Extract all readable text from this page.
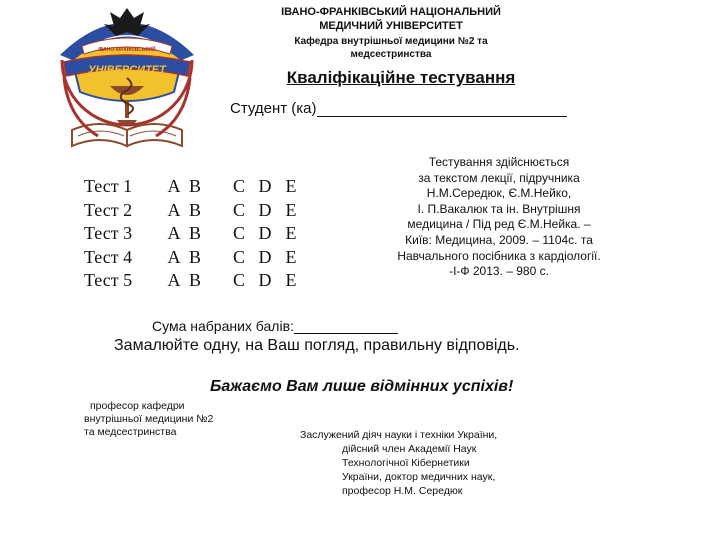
ІВАНО-ФРАНКІВСЬКИЙ
УНІВЕРСИТЕТ
ІВАНО-ФРАНКІВСЬКИЙ НАЦІОНАЛЬНИЙ
МЕДИЧНИЙ УНІВЕРСИТЕТ
Кафедра внутрішньої медицини №2 та
медсестринства
Кваліфікаційне тестування
Студент (ка)
Тест 1 A B C D E
Тест 2 A B C D E
Тест 3 A B C D E
Тест 4 A B C D E
Тест 5 A B C D E
Тестування здійснюється
за текстом лекції, підручника
Н.М.Середюк, Є.М.Нейко,
І. П.Вакалюк та ін. Внутрішня
медицина / Під ред Є.М.Нейка. –
Київ: Медицина, 2009. – 1104с. та
Навчального посібника з кардіології.
-І-Ф 2013. – 980 с.
Сума набраних балів:
Замалюйте одну, на Ваш погляд, правильну відповідь.
Бажаємо Вам лише відмінних успіхів!
професор кафедри
внутрішньої медицини №2
та медсестринства	Заслужений діяч науки і техніки України,
дійсний член Академії Наук
Технологічної Кібернетики
України, доктор медичних наук,
професор Н.М. Середюк
